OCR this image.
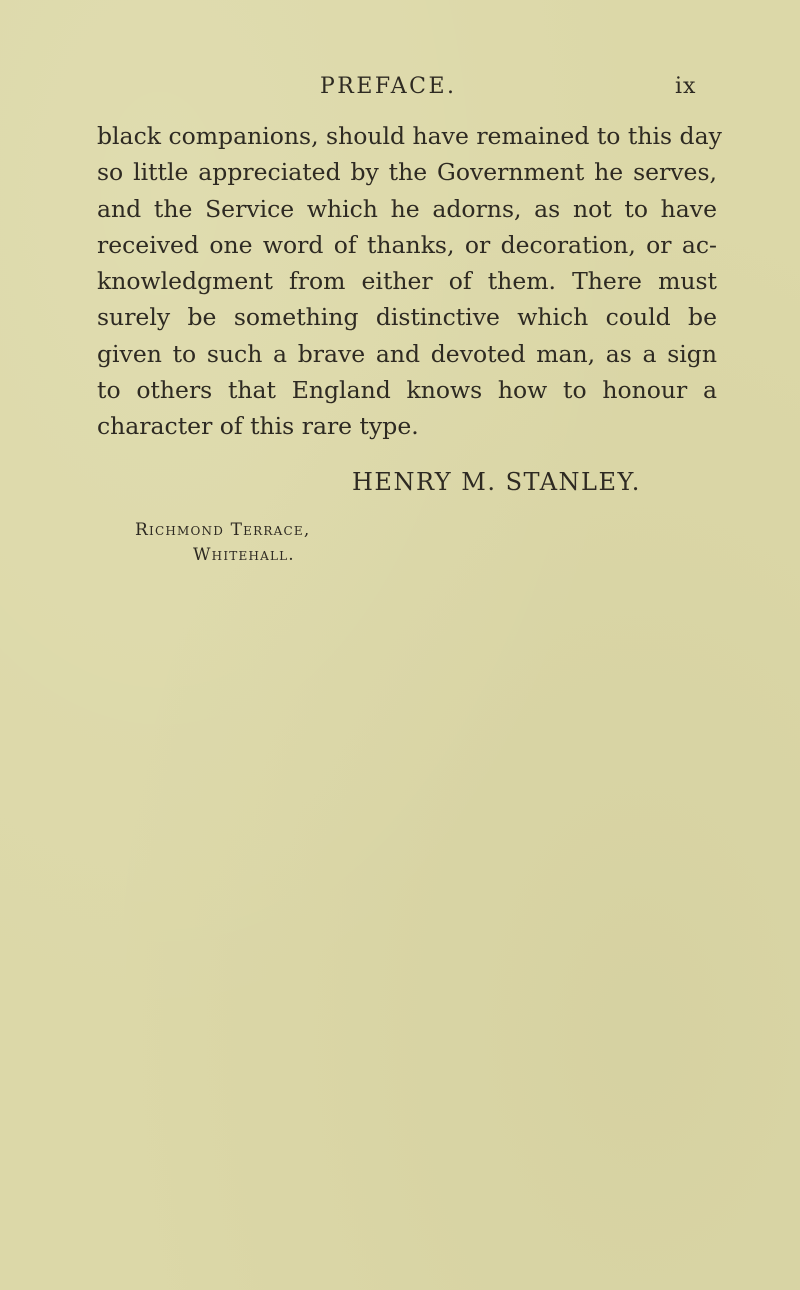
PREFACE.	ix
black companions, should have remained to this day
so little appreciated by the Government he serves,
and the Service which he adorns, as not to have
received one word of thanks, or decoration, or ac-
knowledgment from either of them. There must
surely be something distinctive which could be
given to such a brave and devoted man, as a sign
to others that England knows how to honour a
character of this rare type.
HENRY M. STANLEY.
Richmond Terrace,
Whitehall.
